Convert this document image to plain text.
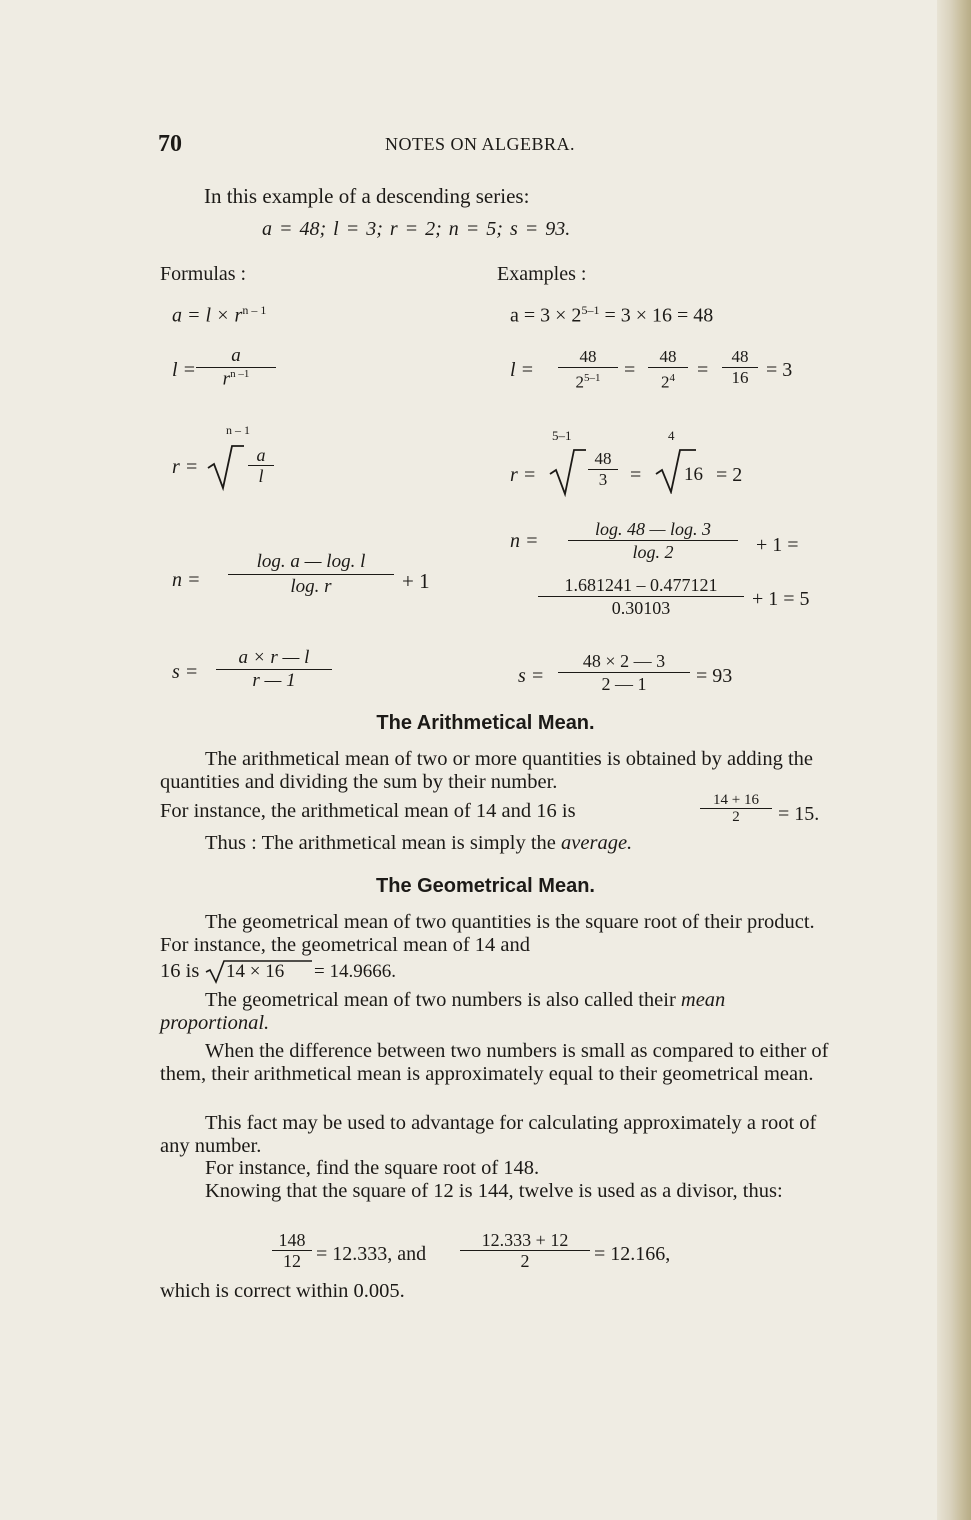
70	NOTES ON ALGEBRA.
In this example of a descending series:
a = 48; l = 3; r = 2; n = 5; s = 93.
Formulas :	Examples :
$a = l \times r^{n - 1}$
l =
a
$r^{n -1}$
n – 1
r =
a
l
n =
log. a — log. l
log. r	+ 1
s =
a × r — l
r — 1
$a = 3 \times 2^{5-1} = 3 \times 16 = 48$
l =
48
$2^{5-1}$	=
48
$2^4$	=
48
16 = 3
5–1	4
r =
48
3	= 16 = 2
n =
log. 48 — log. 3
log. 2	+ 1 =
1.681241 – 0.477121
0.30103	+ 1 = 5
s =
48 × 2 — 3
2 — 1	= 93
The Arithmetical Mean.
The arithmetical mean of two or more quantities is obtained by adding the quantities and dividing the sum by their number.
For instance, the arithmetical mean of 14 and 16 is	14 + 16
2	= 15.
Thus : The arithmetical mean is simply the average.
The Geometrical Mean.
The geometrical mean of two quantities is the square root of their product. For instance, the geometrical mean of 14 and
16 is 14 × 16 = 14.9666.
The geometrical mean of two numbers is also called their mean proportional.
When the difference between two numbers is small as compared to either of them, their arithmetical mean is approximately equal to their geometrical mean.
This fact may be used to advantage for calculating approximately a root of any number.
For instance, find the square root of 148.
Knowing that the square of 12 is 144, twelve is used as a divisor, thus:
148
12 = 12.333, and
12.333 + 12
2	= 12.166,
which is correct within 0.005.
